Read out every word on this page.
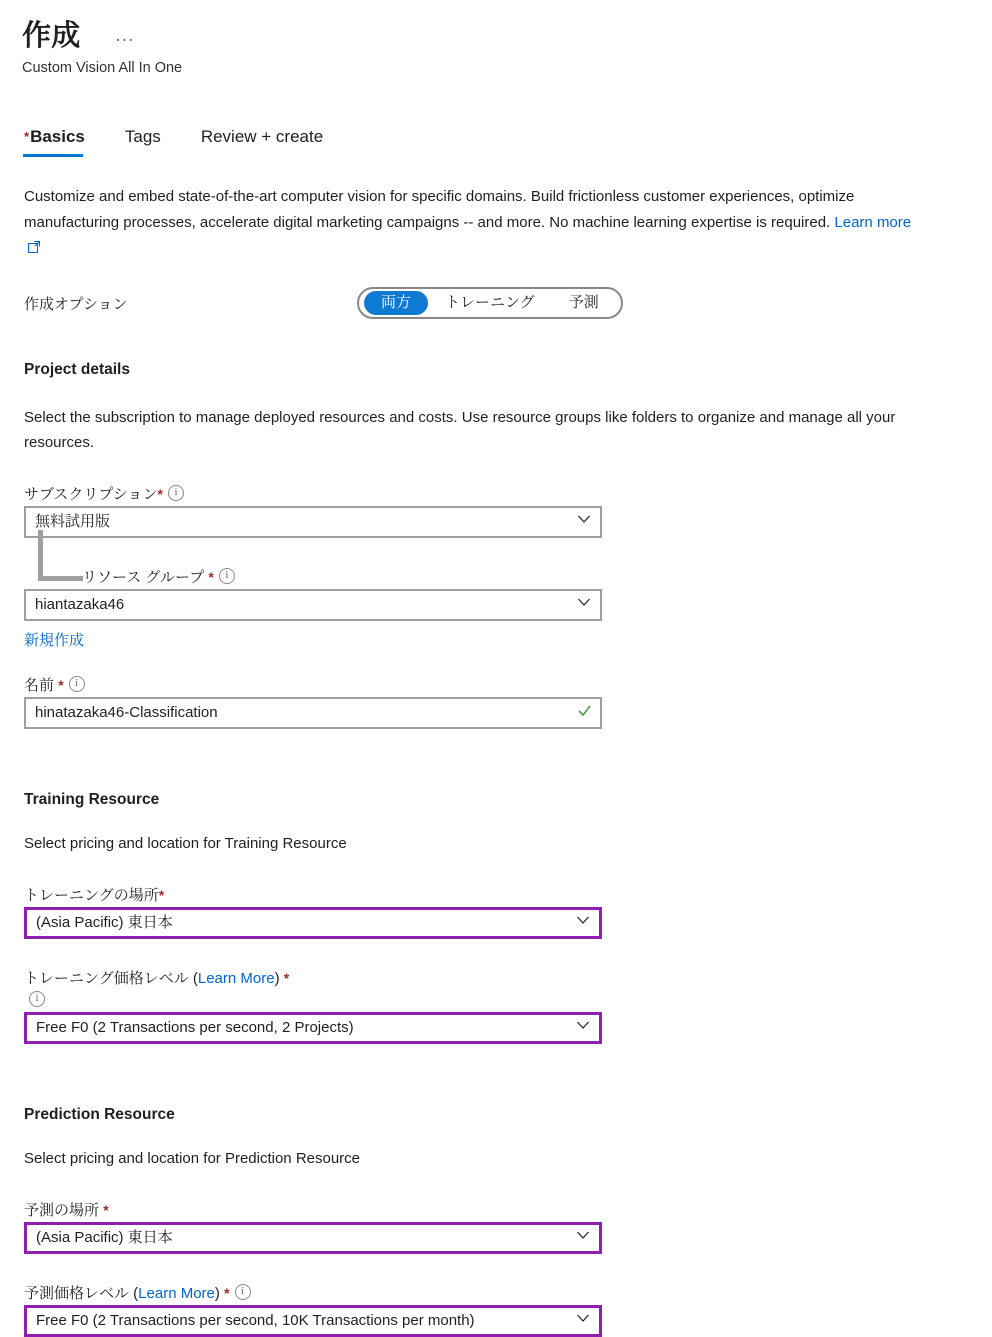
作成 …
Custom Vision All In One
*Basics	Tags	Review + create
Customize and embed state-of-the-art computer vision for specific domains. Build frictionless customer experiences, optimize manufacturing processes, accelerate digital marketing campaigns -- and more. No machine learning expertise is required. Learn more
作成オプション	両方	トレーニング	予測
Project details
Select the subscription to manage deployed resources and costs. Use resource groups like folders to organize and manage all your resources.
サブスクリプション*i
無料試用版
リソース グループ *i
hiantazaka46
新規作成
名前 *i
hinatazaka46-Classification
Training Resource
Select pricing and location for Training Resource
トレーニングの場所*
(Asia Pacific) 東日本
トレーニング価格レベル (Learn More) *
i
Free F0 (2 Transactions per second, 2 Projects)
Prediction Resource
Select pricing and location for Prediction Resource
予測の場所 *
(Asia Pacific) 東日本
予測価格レベル (Learn More) *i
Free F0 (2 Transactions per second, 10K Transactions per month)
